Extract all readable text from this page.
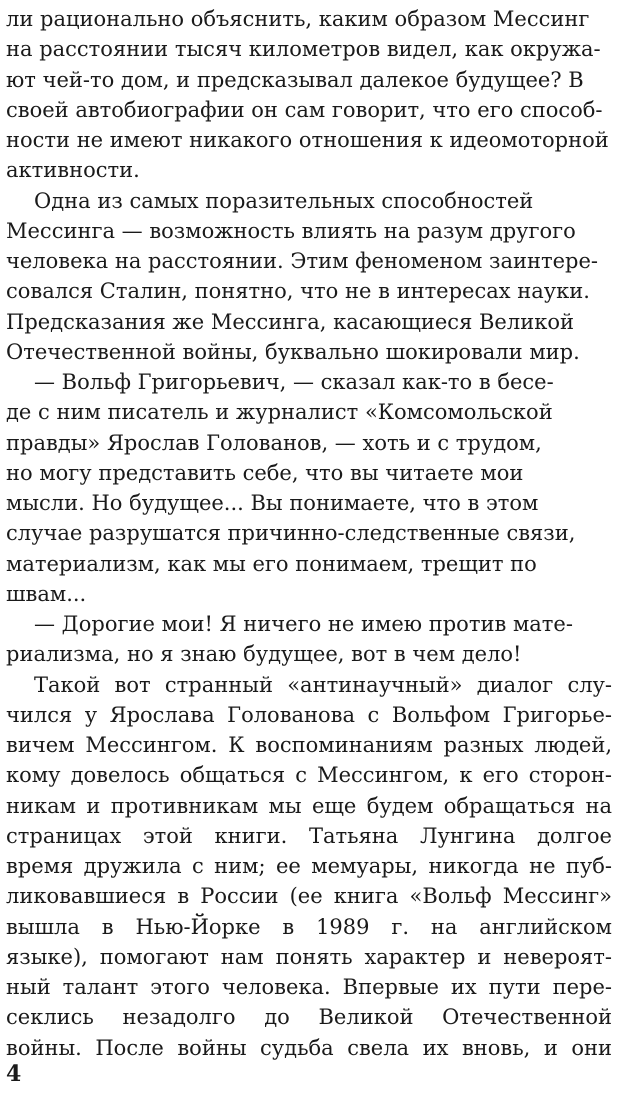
ли рационально объяснить, каким образом Мессинг
на расстоянии тысяч километров видел, как окружа-
ют чей-то дом, и предсказывал далекое будущее? В
своей автобиографии он сам говорит, что его способ-
ности не имеют никакого отношения к идеомоторной
активности.

Одна из самых поразительных способностей
Мессинга — возможность влиять на разум другого
человека на расстоянии. Этим феноменом заинтере-
совался Сталин, понятно, что не в интересах науки.
Предсказания же Мессинга, касающиеся Великой
Отечественной войны, буквально шокировали мир.

— Вольф Григорьевич, — сказал как-то в бесе-
де с ним писатель и журналист «Комсомольской
правды» Ярослав Голованов, — хоть и с трудом,
но могу представить себе, что вы читаете мои
мысли. Но будущее... Вы понимаете, что в этом
случае разрушатся причинно-следственные связи,
материализм, как мы его понимаем, трещит по
швам...

— Дорогие мои! Я ничего не имею против мате-
риализма, но я знаю будущее, вот в чем дело!

Такой вот странный «антинаучный» диалог слу-
чился у Ярослава Голованова с Вольфом Григорье-
вичем Мессингом. К воспоминаниям разных людей,
кому довелось общаться с Мессингом, к его сторон-
никам и противникам мы еще будем обращаться на
страницах этой книги. Татьяна Лунгина долгое
время дружила с ним; ее мемуары, никогда не пуб-
ликовавшиеся в России (ее книга «Вольф Мессинг»
вышла в Нью-Йорке в 1989 г. на английском
языке), помогают нам понять характер и невероят-
ный талант этого человека. Впервые их пути пере-
секлись незадолго до Великой Отечественной
войны. После войны судьба свела их вновь, и они

4
